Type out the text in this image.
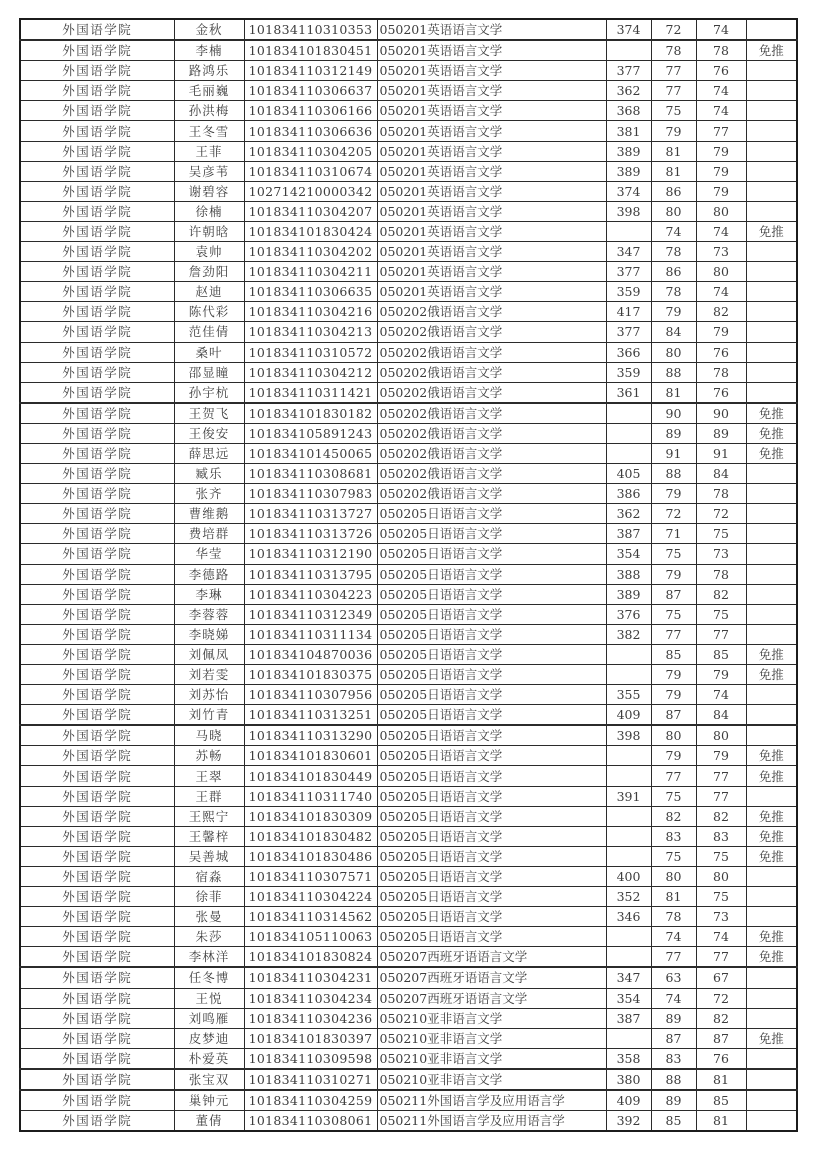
外国语学院	金秋	101834110310353	050201英语语言文学	374	72	74	
外国语学院	李楠	101834101830451	050201英语语言文学		78	78	免推
外国语学院	路鸿乐	101834110312149	050201英语语言文学	377	77	76	
外国语学院	毛丽巍	101834110306637	050201英语语言文学	362	77	74	
外国语学院	孙洪梅	101834110306166	050201英语语言文学	368	75	74	
外国语学院	王冬雪	101834110306636	050201英语语言文学	381	79	77	
外国语学院	王菲	101834110304205	050201英语语言文学	389	81	79	
外国语学院	吴彦苇	101834110310674	050201英语语言文学	389	81	79	
外国语学院	谢碧容	102714210000342	050201英语语言文学	374	86	79	
外国语学院	徐楠	101834110304207	050201英语语言文学	398	80	80	
外国语学院	许朝晗	101834101830424	050201英语语言文学		74	74	免推
外国语学院	袁帅	101834110304202	050201英语语言文学	347	78	73	
外国语学院	詹劲阳	101834110304211	050201英语语言文学	377	86	80	
外国语学院	赵迪	101834110306635	050201英语语言文学	359	78	74	
外国语学院	陈代彩	101834110304216	050202俄语语言文学	417	79	82	
外国语学院	范佳倩	101834110304213	050202俄语语言文学	377	84	79	
外国语学院	桑叶	101834110310572	050202俄语语言文学	366	80	76	
外国语学院	邵显瞳	101834110304212	050202俄语语言文学	359	88	78	
外国语学院	孙宇杭	101834110311421	050202俄语语言文学	361	81	76	
外国语学院	王贺飞	101834101830182	050202俄语语言文学		90	90	免推
外国语学院	王俊安	101834105891243	050202俄语语言文学		89	89	免推
外国语学院	薛思远	101834101450065	050202俄语语言文学		91	91	免推
外国语学院	臧乐	101834110308681	050202俄语语言文学	405	88	84	
外国语学院	张齐	101834110307983	050202俄语语言文学	386	79	78	
外国语学院	曹维鹅	101834110313727	050205日语语言文学	362	72	72	
外国语学院	费培群	101834110313726	050205日语语言文学	387	71	75	
外国语学院	华莹	101834110312190	050205日语语言文学	354	75	73	
外国语学院	李德路	101834110313795	050205日语语言文学	388	79	78	
外国语学院	李琳	101834110304223	050205日语语言文学	389	87	82	
外国语学院	李蓉蓉	101834110312349	050205日语语言文学	376	75	75	
外国语学院	李晓娣	101834110311134	050205日语语言文学	382	77	77	
外国语学院	刘佩凤	101834104870036	050205日语语言文学		85	85	免推
外国语学院	刘若雯	101834101830375	050205日语语言文学		79	79	免推
外国语学院	刘苏怡	101834110307956	050205日语语言文学	355	79	74	
外国语学院	刘竹青	101834110313251	050205日语语言文学	409	87	84	
外国语学院	马晓	101834110313290	050205日语语言文学	398	80	80	
外国语学院	苏畅	101834101830601	050205日语语言文学		79	79	免推
外国语学院	王翠	101834101830449	050205日语语言文学		77	77	免推
外国语学院	王群	101834110311740	050205日语语言文学	391	75	77	
外国语学院	王熙宁	101834101830309	050205日语语言文学		82	82	免推
外国语学院	王馨梓	101834101830482	050205日语语言文学		83	83	免推
外国语学院	吴善城	101834101830486	050205日语语言文学		75	75	免推
外国语学院	宿淼	101834110307571	050205日语语言文学	400	80	80	
外国语学院	徐菲	101834110304224	050205日语语言文学	352	81	75	
外国语学院	张曼	101834110314562	050205日语语言文学	346	78	73	
外国语学院	朱莎	101834105110063	050205日语语言文学		74	74	免推
外国语学院	李林洋	101834101830824	050207西班牙语语言文学		77	77	免推
外国语学院	任冬博	101834110304231	050207西班牙语语言文学	347	63	67	
外国语学院	王悦	101834110304234	050207西班牙语语言文学	354	74	72	
外国语学院	刘鸣雁	101834110304236	050210亚非语言文学	387	89	82	
外国语学院	皮梦迪	101834101830397	050210亚非语言文学		87	87	免推
外国语学院	朴爱英	101834110309598	050210亚非语言文学	358	83	76	
外国语学院	张宝双	101834110310271	050210亚非语言文学	380	88	81	
外国语学院	巢钟元	101834110304259	050211外国语言学及应用语言学	409	89	85	
外国语学院	董倩	101834110308061	050211外国语言学及应用语言学	392	85	81	
